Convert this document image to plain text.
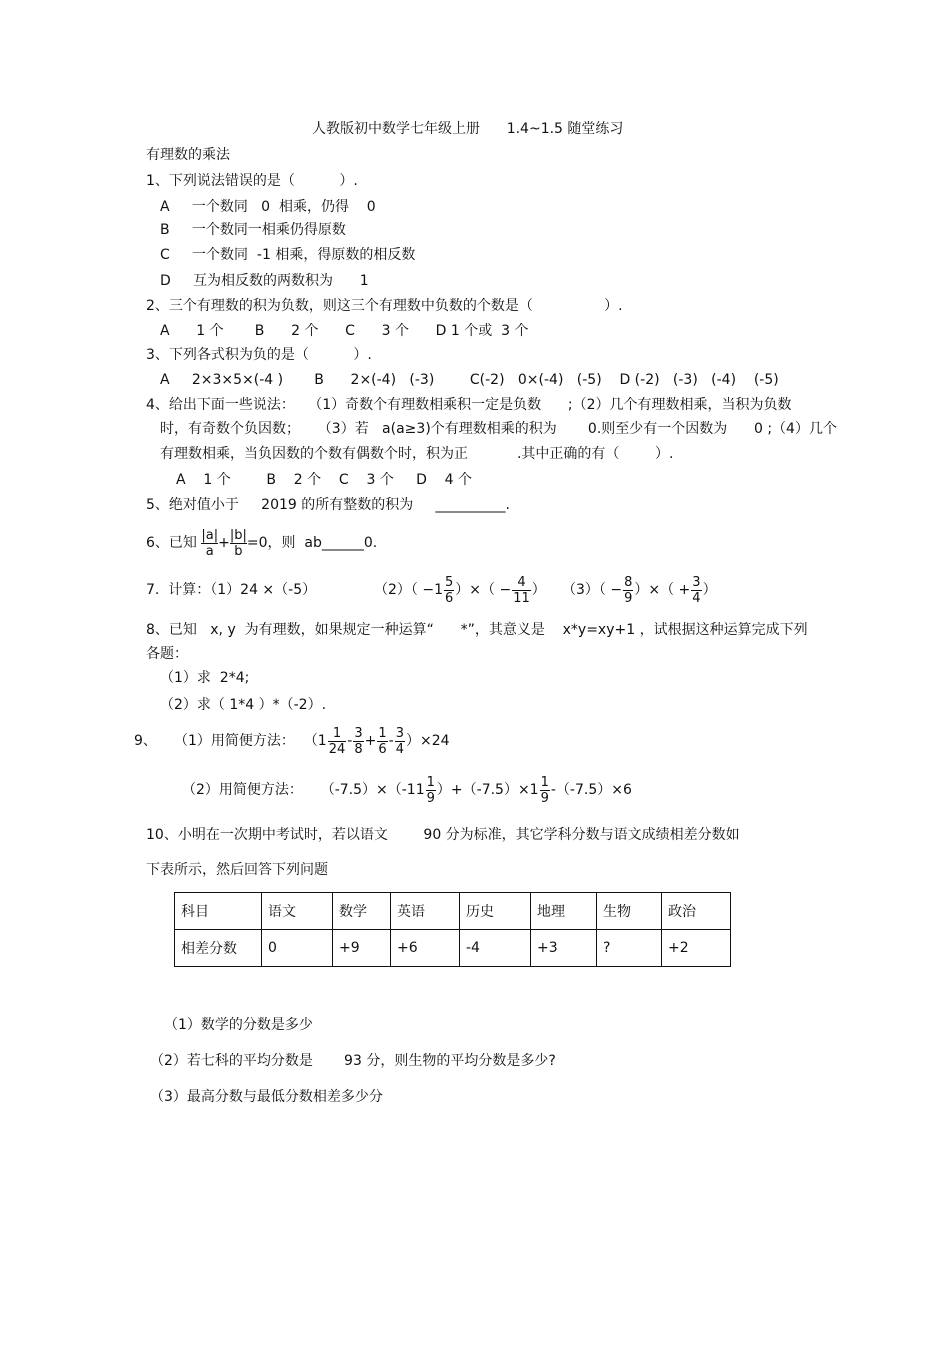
人教版初中数学七年级上册      1.4~1.5 随堂练习
有理数的乘法
1、下列说法错误的是（          ）.
A     一个数同   0  相乘，仍得    0
B     一个数同一相乘仍得原数
C     一个数同  -1 相乘，得原数的相反数
D     互为相反数的两数积为      1
2、三个有理数的积为负数，则这三个有理数中负数的个数是（                ）.
A      1 个       B      2 个      C      3 个      D 1 个或  3 个
3、下列各式积为负的是（          ）.
A     2×3×5×(-4 )       B      2×(-4)   (-3)        C(-2)   0×(-4)   (-5)    D (-2)   (-3)   (-4)    (-5)
4、给出下面一些说法：   （1）奇数个有理数相乘积一定是负数      ;（2）几个有理数相乘，当积为负数
时，有奇数个负因数；    （3）若   a(a≥3)个有理数相乘的积为       0.则至少有一个因数为      0 ;（4）几个
有理数相乘，当负因数的个数有偶数个时，积为正           .其中正确的有（        ）.
A    1 个        B    2 个    C    3 个     D    4 个
5、绝对值小于     2019 的所有整数的积为     __________.
6、已知 $\frac{|a|}{a} + \frac{|b|}{b} =0$，则  ab______0.
7.  计算：（1）24 ×（-5）	$(2)( -1 \frac{5}{6}$ ）×（ − $\frac{4}{11}$ ） $(3)( - \frac{8}{9}$ ）×（ + $\frac{3}{4}$ ）
8、已知   x, y  为有理数，如果规定一种运算“      *”，其意义是    x*y=xy+1 ，试根据这种运算完成下列
各题：
（1）求  2*4;
（2）求（ 1*4 ）*（-2）.
9、 （1）用简便方法：  $(1 \frac{1}{24} - \frac{3}{8} + \frac{1}{6} - \frac{3}{4} )\times 24$
（2）用简便方法：    $(-7.5)\times(-11 \frac{1}{9} )+(-7.5)\times 1 \frac{1}{9} -(-7.5)\times 6$
10、小明在一次期中考试时，若以语文        90 分为标准，其它学科分数与语文成绩相差分数如
下表所示，然后回答下列问题
科目	语文	数学	英语	历史	地理	生物	政治
相差分数	0	+9	+6	-4	+3	?	+2
（1）数学的分数是多少
（2）若七科的平均分数是       93 分，则生物的平均分数是多少?
（3）最高分数与最低分数相差多少分
